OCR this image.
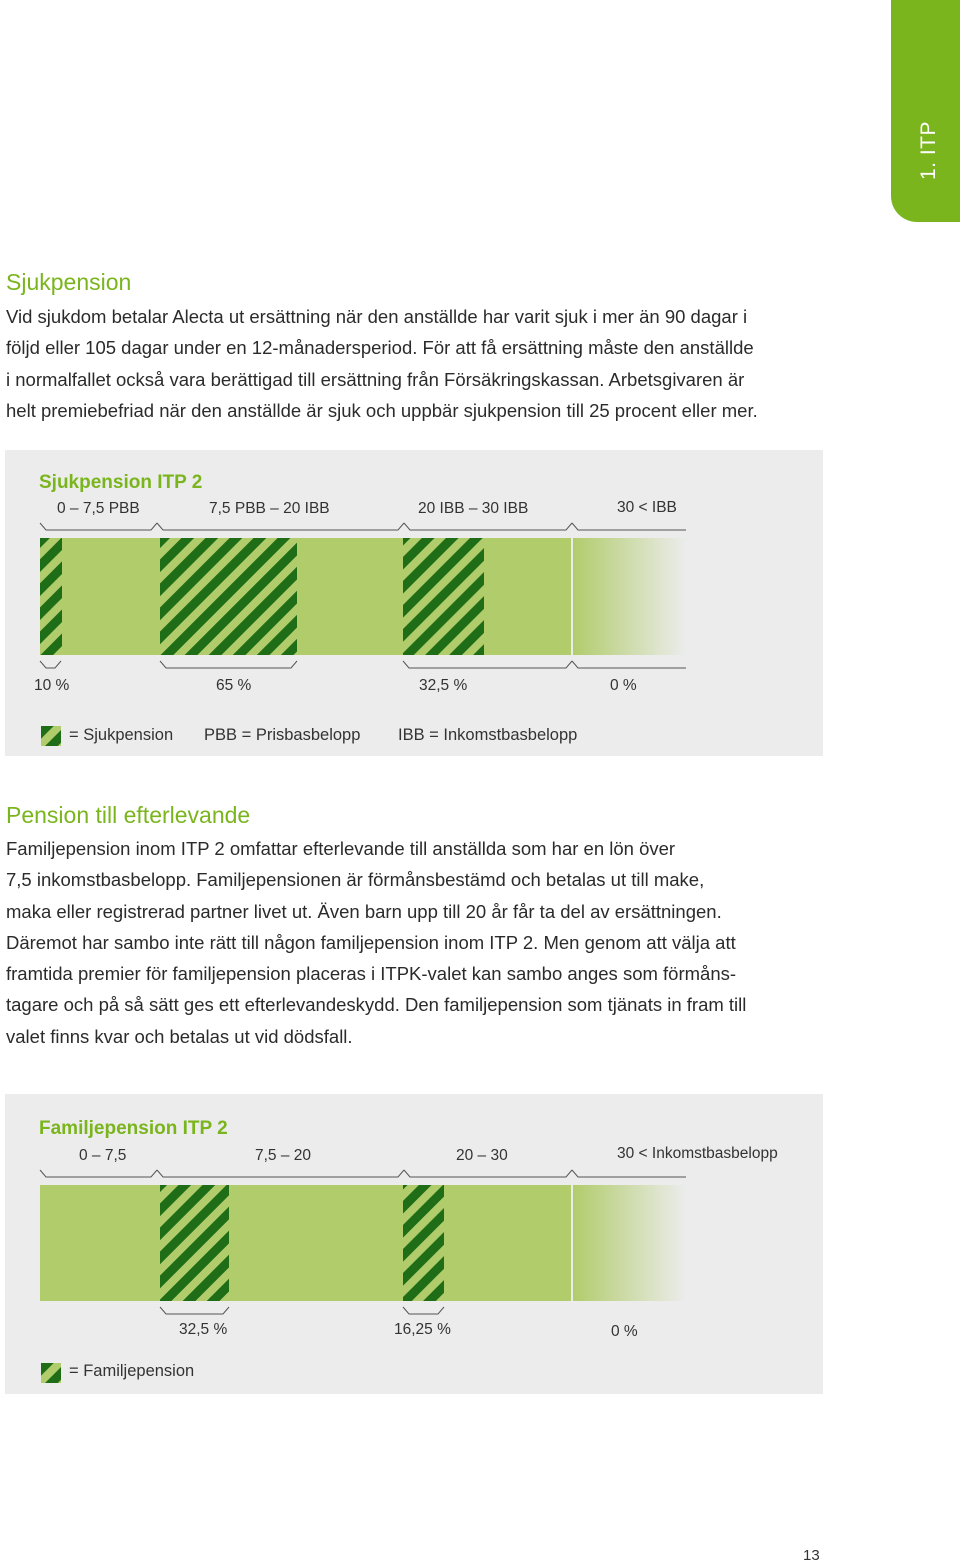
1. ITP
Sjukpension
Vid sjukdom betalar Alecta ut ersättning när den anställde har varit sjuk i mer än 90 dagar i
följd eller 105 dagar under en 12-månadersperiod. För att få ersättning måste den anställde
i normalfallet också vara berättigad till ersättning från Försäkringskassan. Arbetsgivaren är
helt premiebefriad när den anställde är sjuk och uppbär sjukpension till 25 procent eller mer.
Sjukpension ITP 2
0 – 7,5 PBB	7,5 PBB – 20 IBB	20 IBB – 30 IBB	30 < IBB
10 %	65 %	32,5 %	0 %
= Sjukpension PBB = Prisbasbelopp IBB = Inkomstbasbelopp
Pension till efterlevande
Familjepension inom ITP 2 omfattar efterlevande till anställda som har en lön över
7,5 inkomstbasbelopp. Familjepensionen är förmånsbestämd och betalas ut till make,
maka eller registrerad partner livet ut. Även barn upp till 20 år får ta del av ersättningen.
Däremot har sambo inte rätt till någon familjepension inom ITP 2. Men genom att välja att
framtida premier för familjepension placeras i ITPK-valet kan sambo anges som förmåns-
tagare och på så sätt ges ett efterlevandeskydd. Den familjepension som tjänats in fram till
valet finns kvar och betalas ut vid dödsfall.
Familjepension ITP 2
0 – 7,5	7,5 – 20	20 – 30	30 < Inkomstbasbelopp
32,5 %	16,25 %	0 %
= Familjepension
13
